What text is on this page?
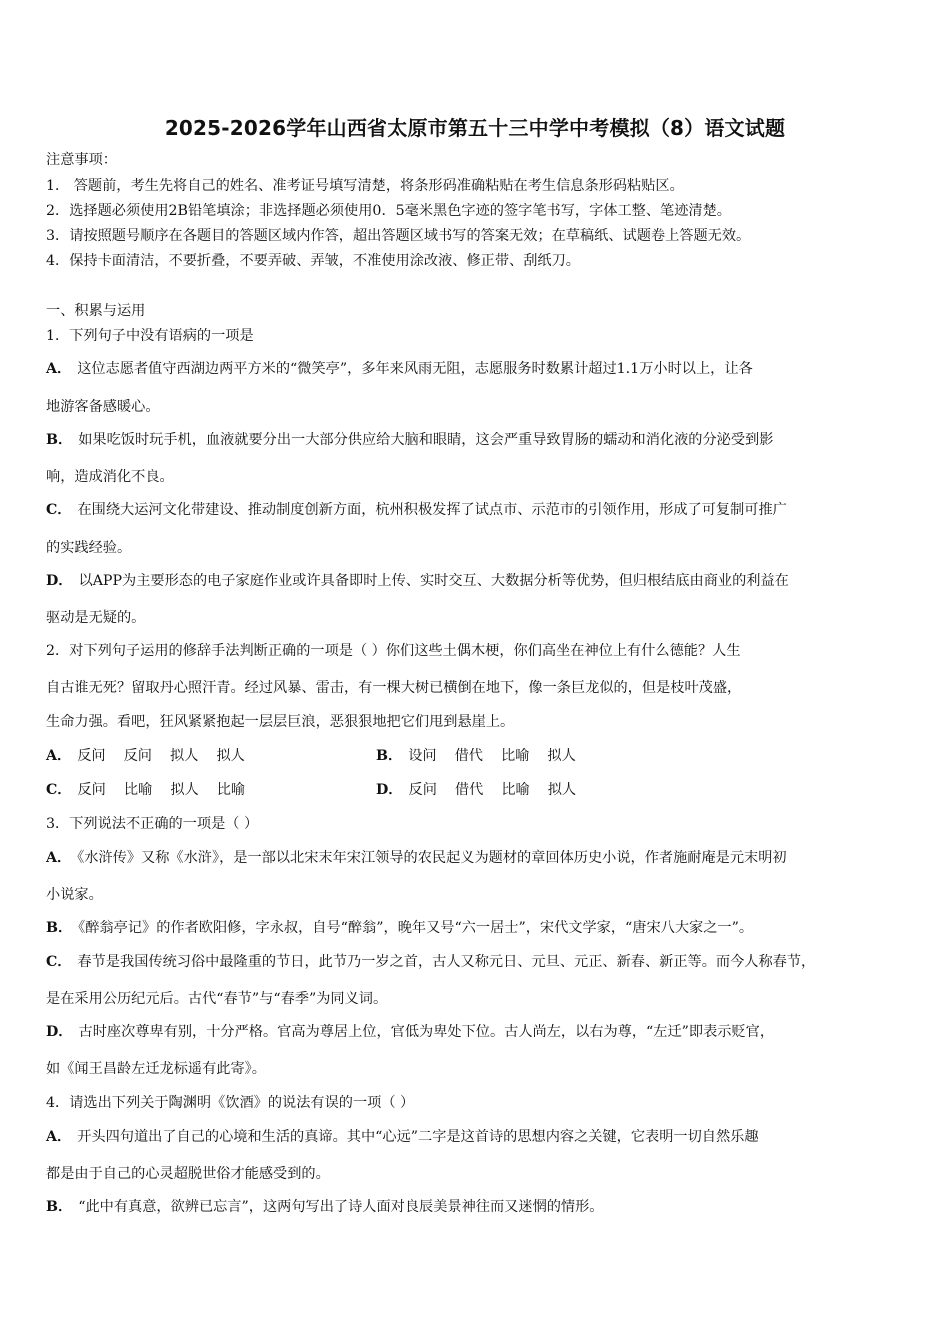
2025-2026学年山西省太原市第五十三中学中考模拟（8）语文试题
注意事项：
1． 答题前，考生先将自己的姓名、准考证号填写清楚，将条形码准确粘贴在考生信息条形码粘贴区。
2．选择题必须使用2B铅笔填涂；非选择题必须使用0．5毫米黑色字迹的签字笔书写，字体工整、笔迹清楚。
3．请按照题号顺序在各题目的答题区域内作答，超出答题区域书写的答案无效；在草稿纸、试题卷上答题无效。
4．保持卡面清洁，不要折叠，不要弄破、弄皱，不准使用涂改液、修正带、刮纸刀。
一、积累与运用
1．下列句子中没有语病的一项是
A． 这位志愿者值守西湖边两平方米的“微笑亭”，多年来风雨无阻，志愿服务时数累计超过1.1万小时以上，让各
地游客备感暖心。
B． 如果吃饭时玩手机，血液就要分出一大部分供应给大脑和眼睛，这会严重导致胃肠的蠕动和消化液的分泌受到影
响，造成消化不良。
C． 在围绕大运河文化带建设、推动制度创新方面，杭州积极发挥了试点市、示范市的引领作用，形成了可复制可推广
的实践经验。
D． 以APP为主要形态的电子家庭作业或许具备即时上传、实时交互、大数据分析等优势，但归根结底由商业的利益在
驱动是无疑的。
2．对下列句子运用的修辞手法判断正确的一项是（ ）你们这些土偶木梗，你们高坐在神位上有什么德能？人生
自古谁无死？留取丹心照汗青。经过风暴、雷击，有一棵大树已横倒在地下，像一条巨龙似的，但是枝叶茂盛，
生命力强。看吧，狂风紧紧抱起一层层巨浪，恶狠狠地把它们甩到悬崖上。
A． 反问    反问    拟人    拟人	B． 设问    借代    比喻    拟人
C． 反问    比喻    拟人    比喻	D． 反问    借代    比喻    拟人
3．下列说法不正确的一项是（ ）
A． 《水浒传》又称《水浒》，是一部以北宋末年宋江领导的农民起义为题材的章回体历史小说，作者施耐庵是元末明初
小说家。
B． 《醉翁亭记》的作者欧阳修，字永叔，自号“醉翁”，晚年又号“六一居士”，宋代文学家，“唐宋八大家之一”。
C． 春节是我国传统习俗中最隆重的节日，此节乃一岁之首，古人又称元日、元旦、元正、新春、新正等。而今人称春节，
是在采用公历纪元后。古代“春节”与“春季”为同义词。
D． 古时座次尊卑有别，十分严格。官高为尊居上位，官低为卑处下位。古人尚左，以右为尊，“左迁”即表示贬官，
如《闻王昌龄左迁龙标遥有此寄》。
4．请选出下列关于陶渊明《饮酒》的说法有误的一项（ ）
A． 开头四句道出了自己的心境和生活的真谛。其中“心远”二字是这首诗的思想内容之关键，它表明一切自然乐趣
都是由于自己的心灵超脱世俗才能感受到的。
B． “此中有真意，欲辨已忘言”，这两句写出了诗人面对良辰美景神往而又迷惘的情形。
